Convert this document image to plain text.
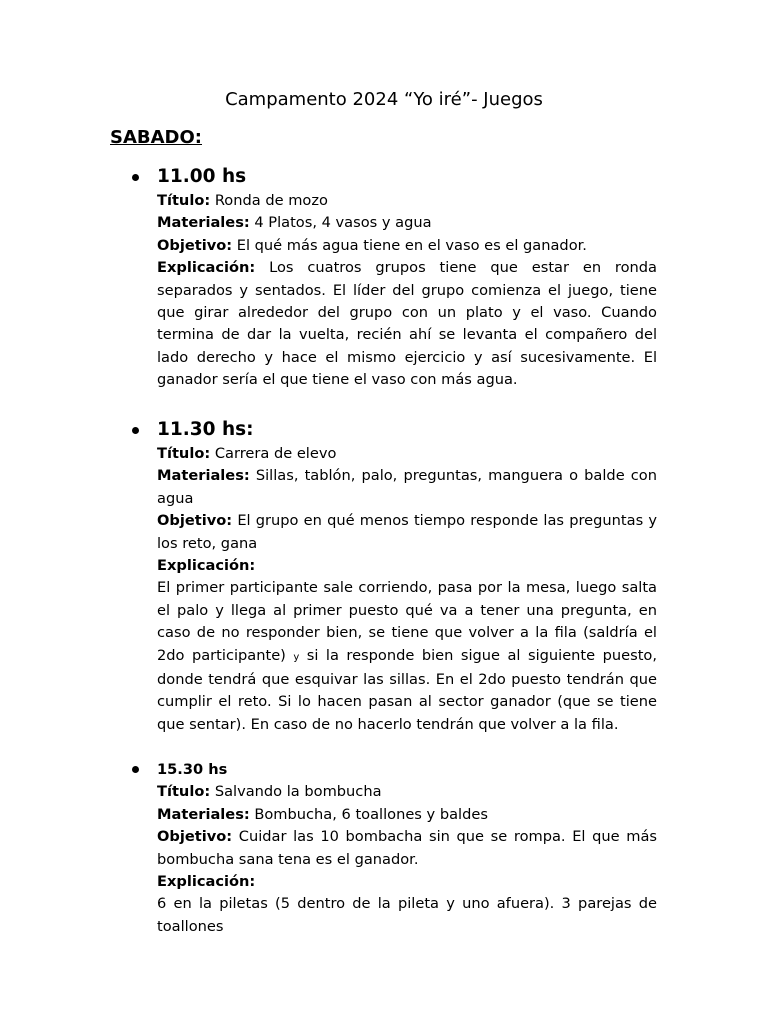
Campamento 2024 “Yo iré”- Juegos
SABADO:

11.00 hs

Título: Ronda de mozo

Materiales: 4 Platos, 4 vasos y agua

Objetivo: El qué más agua tiene en el vaso es el ganador.

Explicación: Los cuatros grupos tiene que estar en ronda separados y sentados. El líder del grupo comienza el juego, tiene que girar alrededor del grupo con un plato y el vaso. Cuando termina de dar la vuelta, recién ahí se levanta el compañero del lado derecho y hace el mismo ejercicio y así sucesivamente. El ganador sería el que tiene el vaso con más agua.

11.30 hs:

Título: Carrera de elevo

Materiales: Sillas, tablón, palo, preguntas, manguera o balde con agua

Objetivo: El grupo en qué menos tiempo responde las preguntas y los reto, gana

Explicación:

El primer participante sale corriendo, pasa por la mesa, luego salta el palo y llega al primer puesto qué va a tener una pregunta, en caso de no responder bien, se tiene que volver a la fila (saldría el 2do participante) y si la responde bien sigue al siguiente puesto, donde tendrá que esquivar las sillas. En el 2do puesto tendrán que cumplir el reto. Si lo hacen pasan al sector ganador (que se tiene que sentar). En caso de no hacerlo tendrán que volver a la fila.

15.30 hs

Título: Salvando la bombucha

Materiales: Bombucha, 6 toallones y baldes

Objetivo: Cuidar las 10 bombacha sin que se rompa. El que más bombucha sana tena es el ganador.

Explicación:

6 en la piletas (5 dentro de la pileta y uno afuera). 3 parejas de toallones
